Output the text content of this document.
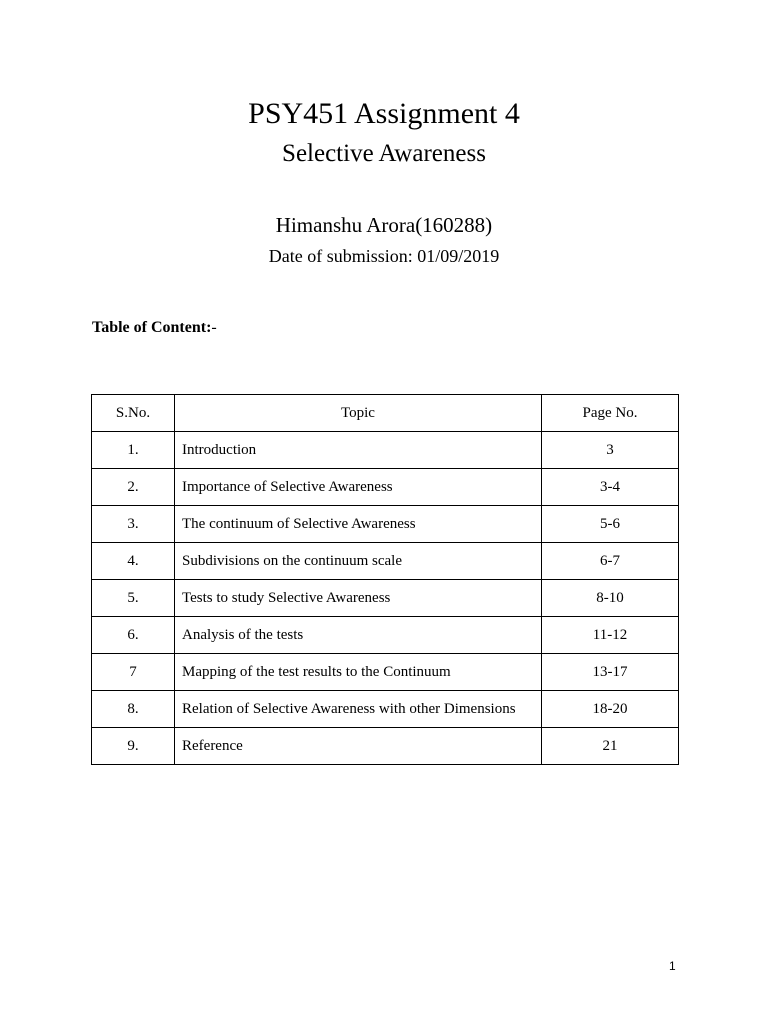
PSY451 Assignment 4
Selective Awareness
Himanshu Arora(160288)
Date of submission: 01/09/2019
Table of Content:-
S.No.	Topic	Page No.
1.	Introduction	3
2.	Importance of Selective Awareness	3-4
3.	The continuum of Selective Awareness	5-6
4.	Subdivisions on the continuum scale	6-7
5.	Tests to study Selective Awareness	8-10
6.	Analysis of the tests	11-12
7	Mapping of the test results to the Continuum	13-17
8.	Relation of Selective Awareness with other Dimensions	18-20
9.	Reference	21
1
